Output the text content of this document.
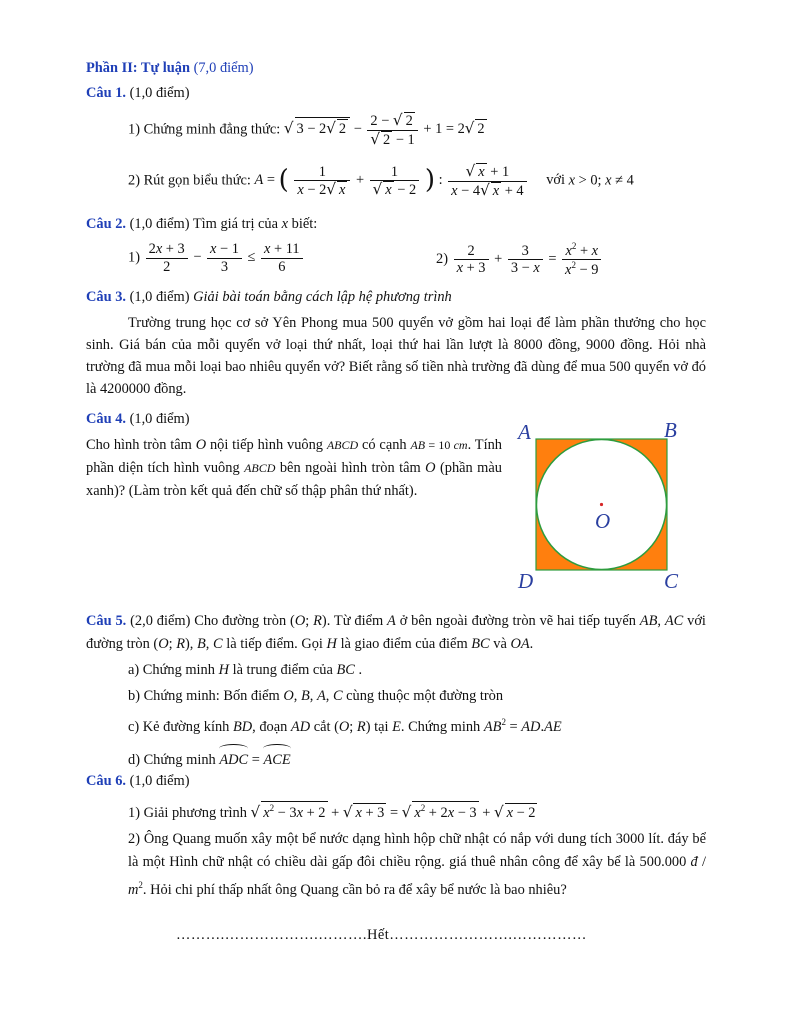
Phần II: Tự luận (7,0 điểm)
Câu 1. (1,0 điểm)
1) Chứng minh đẳng thức: √ 3 − 2√ $2 - \frac{2 - √ 2}{√ 2 - 1} + 1 = 2√$ 2
2) Rút gọn biểu thức: A = ( $\frac{1}{x - 2√ x} + \frac{1}{√ x - 2}$ ) : $\frac{√ x + 1}{x - 4√ x + 4}$ với x > 0; x ≠ 4
Câu 2. (1,0 điểm) Tìm giá trị của x biết:
$1) \frac{2x + 3}{2} - \frac{x - 1}{3} \le \frac{x + 11}{6}$	$2) \frac{2}{x + 3} + \frac{3}{3 - x} = \frac{x^2 + x}{x^2 - 9}$
Câu 3. (1,0 điểm) Giải bài toán bằng cách lập hệ phương trình
Trường trung học cơ sở Yên Phong mua 500 quyển vở gồm hai loại để làm phần thưởng cho học sinh. Giá bán của mỗi quyển vở loại thứ nhất, loại thứ hai lần lượt là 8000 đồng, 9000 đồng. Hỏi nhà trường đã mua mỗi loại bao nhiêu quyển vở? Biết rằng số tiền nhà trường đã dùng để mua 500 quyển vở đó là 4200000 đồng.
Câu 4. (1,0 điểm)
Cho hình tròn tâm O nội tiếp hình vuông ABCD có cạnh AB = 10 cm. Tính phần diện tích hình vuông ABCD bên ngoài hình tròn tâm O (phần màu xanh)? (Làm tròn kết quả đến chữ số thập phân thứ nhất).
A	B
C
D
O
Câu 5. (2,0 điểm) Cho đường tròn (O; R). Từ điểm A ở bên ngoài đường tròn vẽ hai tiếp tuyến AB, AC với đường tròn (O; R), B, C là tiếp điểm. Gọi H là giao điểm của điểm BC và OA.
a) Chứng minh H là trung điểm của BC .
b) Chứng minh: Bốn điểm O, B, A, C cùng thuộc một đường tròn
c) Kẻ đường kính BD, đoạn AD cắt (O; R) tại E. Chứng minh $AB^2 = AD.AE$
d) Chứng minh ADC = ACE
Câu 6. (1,0 điểm)
1) Giải phương trình √ $x^2 - 3x + 2$ + √ x + 3 = √ $x^2 + 2x - 3$ + √ x − 2
2) Ông Quang muốn xây một bể nước dạng hình hộp chữ nhật có nắp với dung tích 3000 lít. đáy bể là một Hình chữ nhật có chiều dài gấp đôi chiều rộng. giá thuê nhân công để xây bể là 500.000 đ / $m^2$. Hỏi chi phí thấp nhất ông Quang cần bỏ ra để xây bể nước là bao nhiêu?
……….……………….……….Hết…………………….……………
